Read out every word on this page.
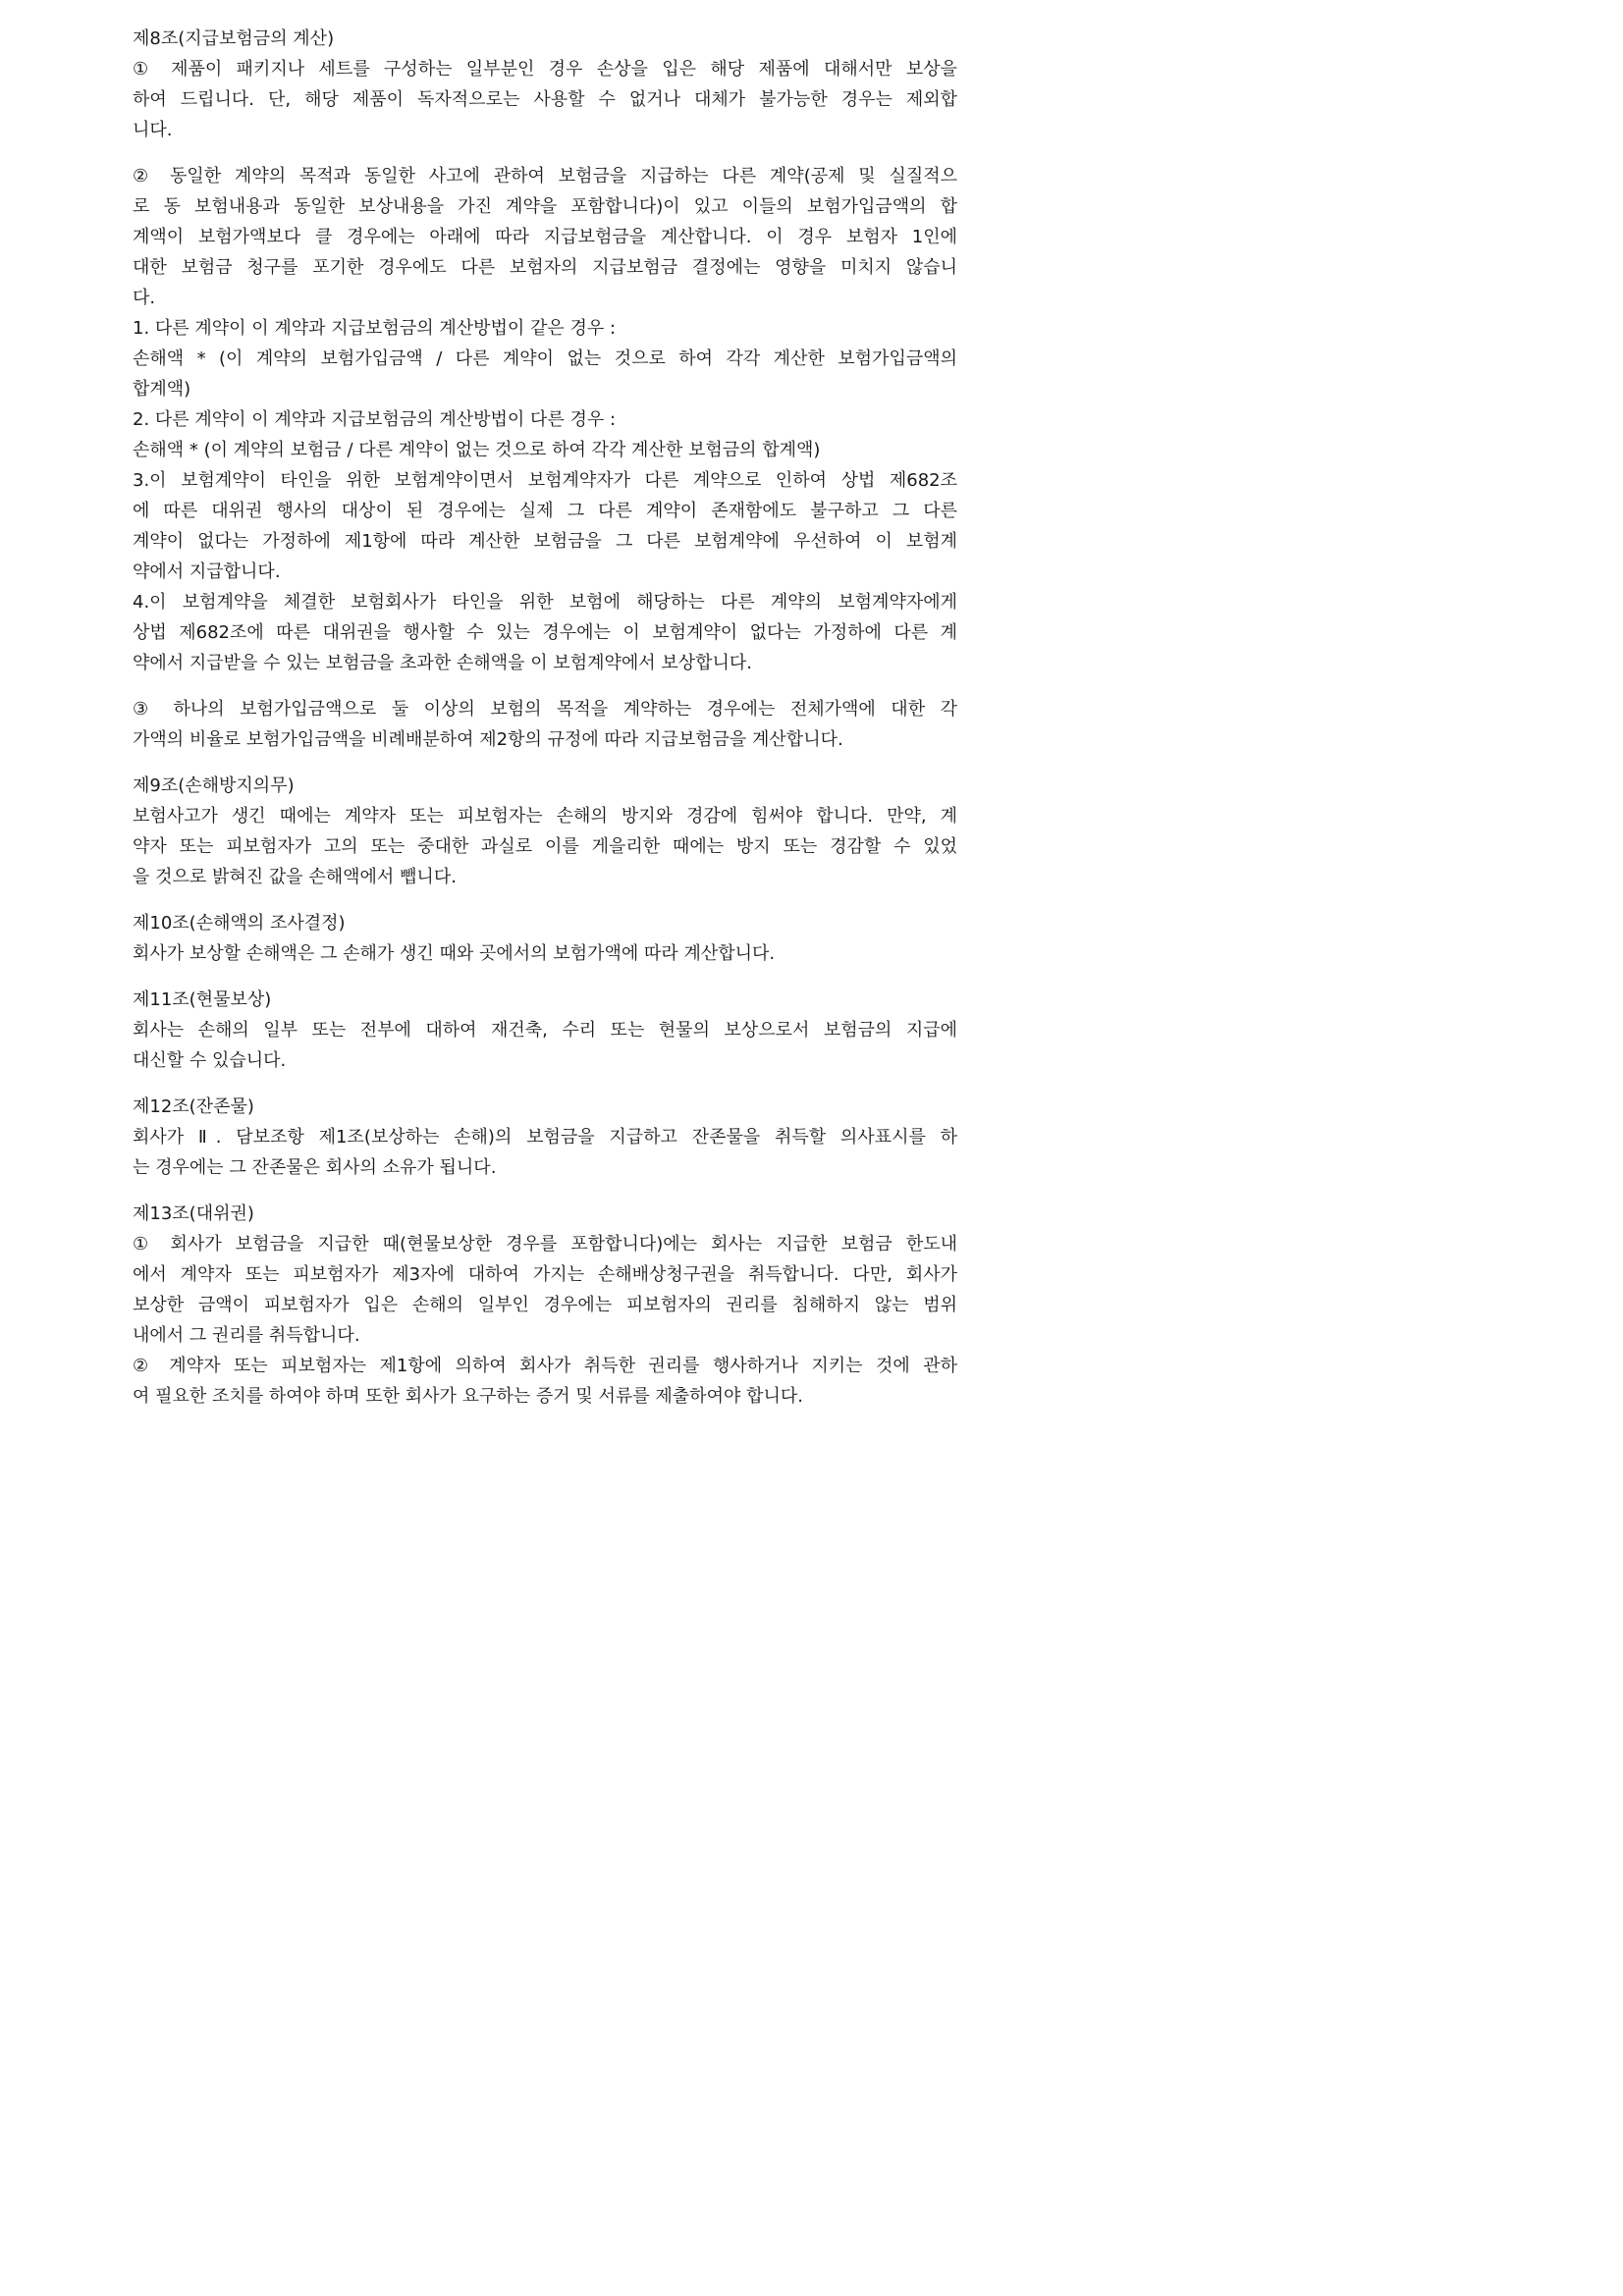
제8조(지급보험금의 계산)
① 제품이 패키지나 세트를 구성하는 일부분인 경우 손상을 입은 해당 제품에 대해서만 보상을
하여 드립니다. 단, 해당 제품이 독자적으로는 사용할 수 없거나 대체가 불가능한 경우는 제외합
니다.
② 동일한 계약의 목적과 동일한 사고에 관하여 보험금을 지급하는 다른 계약(공제 및 실질적으
로 동 보험내용과 동일한 보상내용을 가진 계약을 포함합니다)이 있고 이들의 보험가입금액의 합
계액이 보험가액보다 클 경우에는 아래에 따라 지급보험금을 계산합니다. 이 경우 보험자 1인에
대한 보험금 청구를 포기한 경우에도 다른 보험자의 지급보험금 결정에는 영향을 미치지 않습니
다.
1. 다른 계약이 이 계약과 지급보험금의 계산방법이 같은 경우 :
손해액 * (이 계약의 보험가입금액 / 다른 계약이 없는 것으로 하여 각각 계산한 보험가입금액의
합계액)
2. 다른 계약이 이 계약과 지급보험금의 계산방법이 다른 경우 :
손해액 * (이 계약의 보험금 / 다른 계약이 없는 것으로 하여 각각 계산한 보험금의 합계액)
3.이 보험계약이 타인을 위한 보험계약이면서 보험계약자가 다른 계약으로 인하여 상법 제682조
에 따른 대위권 행사의 대상이 된 경우에는 실제 그 다른 계약이 존재함에도 불구하고 그 다른
계약이 없다는 가정하에 제1항에 따라 계산한 보험금을 그 다른 보험계약에 우선하여 이 보험계
약에서 지급합니다.
4.이 보험계약을 체결한 보험회사가 타인을 위한 보험에 해당하는 다른 계약의 보험계약자에게
상법 제682조에 따른 대위권을 행사할 수 있는 경우에는 이 보험계약이 없다는 가정하에 다른 계
약에서 지급받을 수 있는 보험금을 초과한 손해액을 이 보험계약에서 보상합니다.
③ 하나의 보험가입금액으로 둘 이상의 보험의 목적을 계약하는 경우에는 전체가액에 대한 각
가액의 비율로 보험가입금액을 비례배분하여 제2항의 규정에 따라 지급보험금을 계산합니다.
제9조(손해방지의무)
보험사고가 생긴 때에는 계약자 또는 피보험자는 손해의 방지와 경감에 힘써야 합니다. 만약, 계
약자 또는 피보험자가 고의 또는 중대한 과실로 이를 게을리한 때에는 방지 또는 경감할 수 있었
을 것으로 밝혀진 값을 손해액에서 뺍니다.
제10조(손해액의 조사결정)
회사가 보상할 손해액은 그 손해가 생긴 때와 곳에서의 보험가액에 따라 계산합니다.
제11조(현물보상)
회사는 손해의 일부 또는 전부에 대하여 재건축, 수리 또는 현물의 보상으로서 보험금의 지급에
대신할 수 있습니다.
제12조(잔존물)
회사가 Ⅱ. 담보조항 제1조(보상하는 손해)의 보험금을 지급하고 잔존물을 취득할 의사표시를 하
는 경우에는 그 잔존물은 회사의 소유가 됩니다.
제13조(대위권)
① 회사가 보험금을 지급한 때(현물보상한 경우를 포함합니다)에는 회사는 지급한 보험금 한도내
에서 계약자 또는 피보험자가 제3자에 대하여 가지는 손해배상청구권을 취득합니다. 다만, 회사가
보상한 금액이 피보험자가 입은 손해의 일부인 경우에는 피보험자의 권리를 침해하지 않는 범위
내에서 그 권리를 취득합니다.
② 계약자 또는 피보험자는 제1항에 의하여 회사가 취득한 권리를 행사하거나 지키는 것에 관하
여 필요한 조치를 하여야 하며 또한 회사가 요구하는 증거 및 서류를 제출하여야 합니다.
